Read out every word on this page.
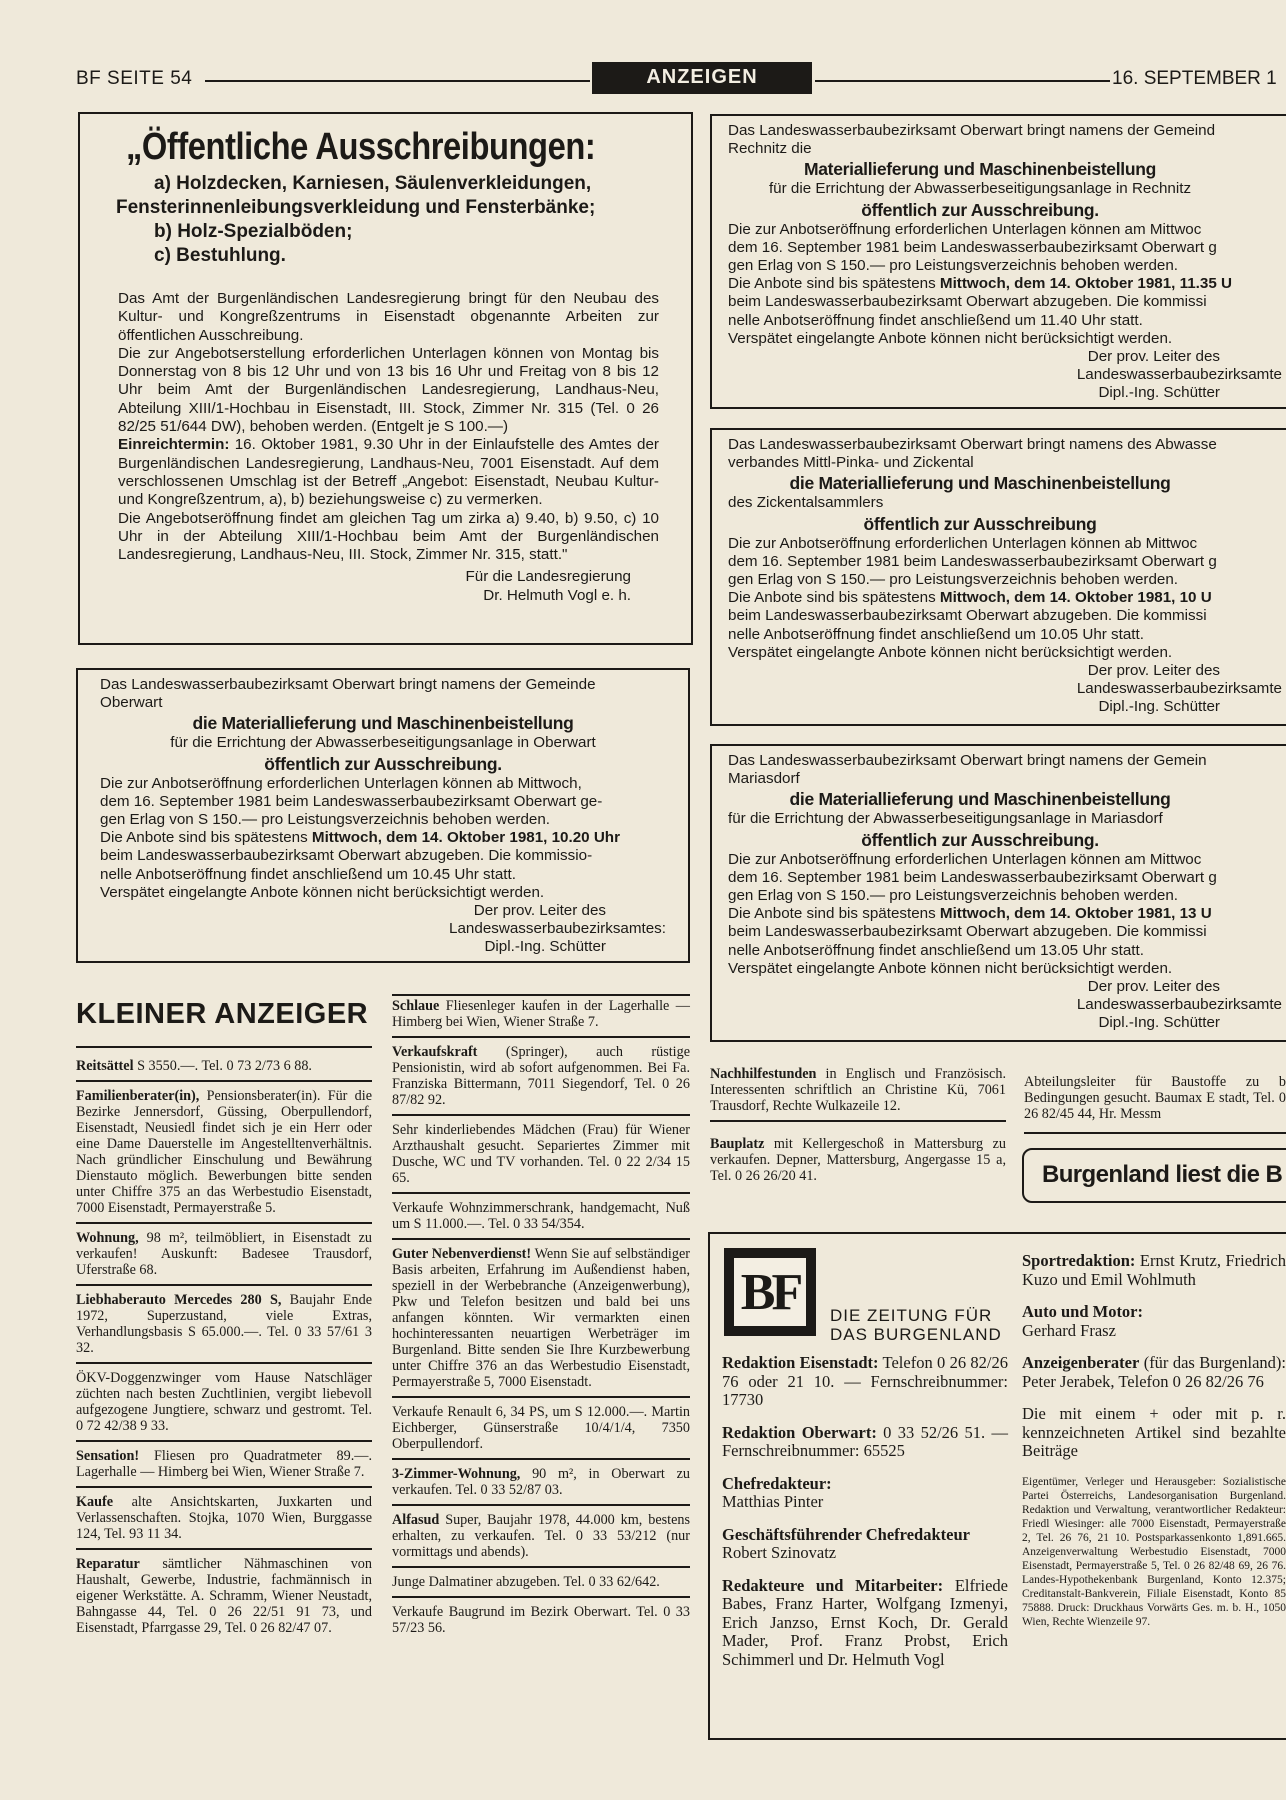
BF SEITE 54	ANZEIGEN	16. SEPTEMBER 1
„Öffentliche Ausschreibungen:
a) Holzdecken, Karniesen, Säulenverkleidungen,
Fensterinnenleibungsverkleidung und Fensterbänke;
b) Holz-Spezialböden;
c) Bestuhlung.

Das Amt der Burgenländischen Landesregierung bringt für den Neubau des Kultur- und Kongreßzentrums in Eisenstadt obgenannte Arbeiten zur öffentlichen Ausschreibung.

Die zur Angebotserstellung erforderlichen Unterlagen können von Montag bis Donnerstag von 8 bis 12 Uhr und von 13 bis 16 Uhr und Freitag von 8 bis 12 Uhr beim Amt der Burgenländischen Landesregierung, Landhaus-Neu, Abteilung XIII/1-Hochbau in Eisenstadt, III. Stock, Zimmer Nr. 315 (Tel. 0 26 82/25 51/644 DW), behoben werden. (Entgelt je S 100.—)

Einreichtermin: 16. Oktober 1981, 9.30 Uhr in der Einlaufstelle des Amtes der Burgenländischen Landesregierung, Landhaus-Neu, 7001 Eisenstadt. Auf dem verschlossenen Umschlag ist der Betreff „Angebot: Eisenstadt, Neubau Kultur- und Kongreßzentrum, a), b) beziehungsweise c) zu vermerken.

Die Angebotseröffnung findet am gleichen Tag um zirka a) 9.40, b) 9.50, c) 10 Uhr in der Abteilung XIII/1-Hochbau beim Amt der Burgenländischen Landesregierung, Landhaus-Neu, III. Stock, Zimmer Nr. 315, statt."

Für die Landesregierung
Dr. Helmuth Vogl e. h.
Das Landeswasserbaubezirksamt Oberwart bringt namens der Gemeinde
Oberwart
die Materiallieferung und Maschinenbeistellung
für die Errichtung der Abwasserbeseitigungsanlage in Oberwart
öffentlich zur Ausschreibung.
Die zur Anbotseröffnung erforderlichen Unterlagen können ab Mittwoch,
dem 16. September 1981 beim Landeswasserbaubezirksamt Oberwart ge-
gen Erlag von S 150.— pro Leistungsverzeichnis behoben werden.
Die Anbote sind bis spätestens Mittwoch, dem 14. Oktober 1981, 10.20 Uhr
beim Landeswasserbaubezirksamt Oberwart abzugeben. Die kommissio-
nelle Anbotseröffnung findet anschließend um 10.45 Uhr statt.
Verspätet eingelangte Anbote können nicht berücksichtigt werden.
Der prov. Leiter des
Landeswasserbaubezirksamtes:
Dipl.-Ing. Schütter
Das Landeswasserbaubezirksamt Oberwart bringt namens der Gemeind
Rechnitz die
Materiallieferung und Maschinenbeistellung
für die Errichtung der Abwasserbeseitigungsanlage in Rechnitz
öffentlich zur Ausschreibung.
Die zur Anbotseröffnung erforderlichen Unterlagen können am Mittwoc
dem 16. September 1981 beim Landeswasserbaubezirksamt Oberwart g
gen Erlag von S 150.— pro Leistungsverzeichnis behoben werden.
Die Anbote sind bis spätestens Mittwoch, dem 14. Oktober 1981, 11.35 U
beim Landeswasserbaubezirksamt Oberwart abzugeben. Die kommissi
nelle Anbotseröffnung findet anschließend um 11.40 Uhr statt.
Verspätet eingelangte Anbote können nicht berücksichtigt werden.
Der prov. Leiter des
Landeswasserbaubezirksamte
Dipl.-Ing. Schütter
Das Landeswasserbaubezirksamt Oberwart bringt namens des Abwasse
verbandes Mittl-Pinka- und Zickental
die Materiallieferung und Maschinenbeistellung
des Zickentalsammlers
öffentlich zur Ausschreibung
Die zur Anbotseröffnung erforderlichen Unterlagen können ab Mittwoc
dem 16. September 1981 beim Landeswasserbaubezirksamt Oberwart g
gen Erlag von S 150.— pro Leistungsverzeichnis behoben werden.
Die Anbote sind bis spätestens Mittwoch, dem 14. Oktober 1981, 10 U
beim Landeswasserbaubezirksamt Oberwart abzugeben. Die kommissi
nelle Anbotseröffnung findet anschließend um 10.05 Uhr statt.
Verspätet eingelangte Anbote können nicht berücksichtigt werden.
Der prov. Leiter des
Landeswasserbaubezirksamte
Dipl.-Ing. Schütter
Das Landeswasserbaubezirksamt Oberwart bringt namens der Gemein
Mariasdorf
die Materiallieferung und Maschinenbeistellung
für die Errichtung der Abwasserbeseitigungsanlage in Mariasdorf
öffentlich zur Ausschreibung.
Die zur Anbotseröffnung erforderlichen Unterlagen können am Mittwoc
dem 16. September 1981 beim Landeswasserbaubezirksamt Oberwart g
gen Erlag von S 150.— pro Leistungsverzeichnis behoben werden.
Die Anbote sind bis spätestens Mittwoch, dem 14. Oktober 1981, 13 U
beim Landeswasserbaubezirksamt Oberwart abzugeben. Die kommissi
nelle Anbotseröffnung findet anschließend um 13.05 Uhr statt.
Verspätet eingelangte Anbote können nicht berücksichtigt werden.
Der prov. Leiter des
Landeswasserbaubezirksamte
Dipl.-Ing. Schütter
KLEINER ANZEIGER
Reitsättel S 3550.—. Tel. 0 73 2/73 6 88.
Familienberater(in), Pensionsberater(in). Für die Bezirke Jennersdorf, Güssing, Oberpullendorf, Eisenstadt, Neusiedl findet sich je ein Herr oder eine Dame Dauerstelle im Angestelltenverhältnis. Nach gründlicher Einschulung und Bewährung Dienstauto möglich. Bewerbungen bitte senden unter Chiffre 375 an das Werbestudio Eisenstadt, 7000 Eisenstadt, Permayerstraße 5.
Wohnung, 98 m², teilmöbliert, in Eisenstadt zu verkaufen! Auskunft: Badesee Trausdorf, Uferstraße 68.
Liebhaberauto Mercedes 280 S, Baujahr Ende 1972, Superzustand, viele Extras, Verhandlungsbasis S 65.000.—. Tel. 0 33 57/61 3 32.
ÖKV-Doggenzwinger vom Hause Natschläger züchten nach besten Zuchtlinien, vergibt liebevoll aufgezogene Jungtiere, schwarz und gestromt. Tel. 0 72 42/38 9 33.
Sensation! Fliesen pro Quadratmeter 89.—. Lagerhalle — Himberg bei Wien, Wiener Straße 7.
Kaufe alte Ansichtskarten, Juxkarten und Verlassenschaften. Stojka, 1070 Wien, Burggasse 124, Tel. 93 11 34.
Reparatur sämtlicher Nähmaschinen von Haushalt, Gewerbe, Industrie, fachmännisch in eigener Werkstätte. A. Schramm, Wiener Neustadt, Bahngasse 44, Tel. 0 26 22/51 91 73, und Eisenstadt, Pfarrgasse 29, Tel. 0 26 82/47 07.
Schlaue Fliesenleger kaufen in der Lagerhalle — Himberg bei Wien, Wiener Straße 7.
Verkaufskraft (Springer), auch rüstige Pensionistin, wird ab sofort aufgenommen. Bei Fa. Franziska Bittermann, 7011 Siegendorf, Tel. 0 26 87/82 92.
Sehr kinderliebendes Mädchen (Frau) für Wiener Arzthaushalt gesucht. Separiertes Zimmer mit Dusche, WC und TV vorhanden. Tel. 0 22 2/34 15 65.
Verkaufe Wohnzimmerschrank, handgemacht, Nuß um S 11.000.—. Tel. 0 33 54/354.
Guter Nebenverdienst! Wenn Sie auf selbständiger Basis arbeiten, Erfahrung im Außendienst haben, speziell in der Werbebranche (Anzeigenwerbung), Pkw und Telefon besitzen und bald bei uns anfangen könnten. Wir vermarkten einen hochinteressanten neuartigen Werbeträger im Burgenland. Bitte senden Sie Ihre Kurzbewerbung unter Chiffre 376 an das Werbestudio Eisenstadt, Permayerstraße 5, 7000 Eisenstadt.
Verkaufe Renault 6, 34 PS, um S 12.000.—. Martin Eichberger, Günserstraße 10/4/1/4, 7350 Oberpullendorf.
3-Zimmer-Wohnung, 90 m², in Oberwart zu verkaufen. Tel. 0 33 52/87 03.
Alfasud Super, Baujahr 1978, 44.000 km, bestens erhalten, zu verkaufen. Tel. 0 33 53/212 (nur vormittags und abends).
Junge Dalmatiner abzugeben. Tel. 0 33 62/642.
Verkaufe Baugrund im Bezirk Oberwart. Tel. 0 33 57/23 56.
Nachhilfestunden in Englisch und Französisch. Interessenten schriftlich an Christine Kü, 7061 Trausdorf, Rechte Wulkazeile 12.
Bauplatz mit Kellergeschoß in Mattersburg zu verkaufen. Depner, Mattersburg, Angergasse 15 a, Tel. 0 26 26/20 41.
Abteilungsleiter für Baustoffe zu b Bedingungen gesucht. Baumax E stadt, Tel. 0 26 82/45 44, Hr. Messm
Burgenland liest die B
BF	DIE ZEITUNG FÜR
DAS BURGENLAND
Redaktion Eisenstadt: Telefon 0 26 82/26 76 oder 21 10. — Fernschreibnummer: 17730
Redaktion Oberwart: 0 33 52/26 51. — Fernschreibnummer: 65525
Chefredakteur:
Matthias Pinter
Geschäftsführender Chefredakteur
Robert Szinovatz
Redakteure und Mitarbeiter: Elfriede Babes, Franz Harter, Wolfgang Izmenyi, Erich Janzso, Ernst Koch, Dr. Gerald Mader, Prof. Franz Probst, Erich Schimmerl und Dr. Helmuth Vogl
Sportredaktion: Ernst Krutz, Friedrich Kuzo und Emil Wohlmuth
Auto und Motor:
Gerhard Frasz
Anzeigenberater (für das Burgenland): Peter Jerabek, Telefon 0 26 82/26 76
Die mit einem + oder mit p. r. kennzeichneten Artikel sind bezahlte Beiträge
Eigentümer, Verleger und Herausgeber: Sozialistische Partei Österreichs, Landesorganisation Burgenland. Redaktion und Verwaltung, verantwortlicher Redakteur: Friedl Wiesinger: alle 7000 Eisenstadt, Permayerstraße 2, Tel. 26 76, 21 10. Postsparkassenkonto 1,891.665. Anzeigenverwaltung Werbestudio Eisenstadt, 7000 Eisenstadt, Permayerstraße 5, Tel. 0 26 82/48 69, 26 76. Landes-Hypothekenbank Burgenland, Konto 12.375; Creditanstalt-Bankverein, Filiale Eisenstadt, Konto 85 75888. Druck: Druckhaus Vorwärts Ges. m. b. H., 1050 Wien, Rechte Wienzeile 97.
